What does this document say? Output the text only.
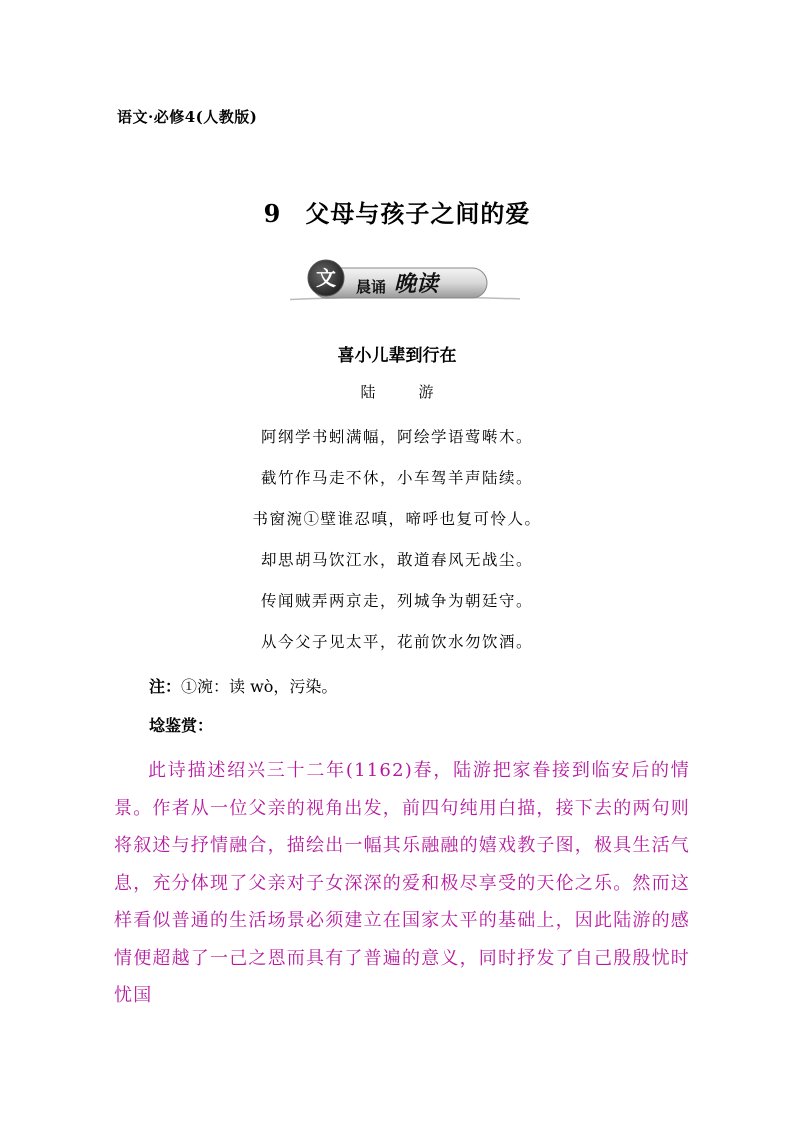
语文·必修4(人教版)
9 父母与孩子之间的爱
文 晨诵 晚读
喜小儿辈到行在
陆　游
阿纲学书蚓满幅，阿绘学语莺啭木。
截竹作马走不休，小车驾羊声陆续。
书窗涴①壁谁忍嗔，啼呼也复可怜人。
却思胡马饮江水，敢道春风无战尘。
传闻贼弄两京走，列城争为朝廷守。
从今父子见太平，花前饮水勿饮酒。
注：①涴：读 wò，污染。
埝鉴赏：
此诗描述绍兴三十二年(1162)春，陆游把家眷接到临安后的情景。作者从一位父亲的视角出发，前四句纯用白描，接下去的两句则将叙述与抒情融合，描绘出一幅其乐融融的嬉戏教子图，极具生活气息，充分体现了父亲对子女深深的爱和极尽享受的天伦之乐。然而这样看似普通的生活场景必须建立在国家太平的基础上，因此陆游的感情便超越了一己之恩而具有了普遍的意义，同时抒发了自己殷殷忧时忧国
